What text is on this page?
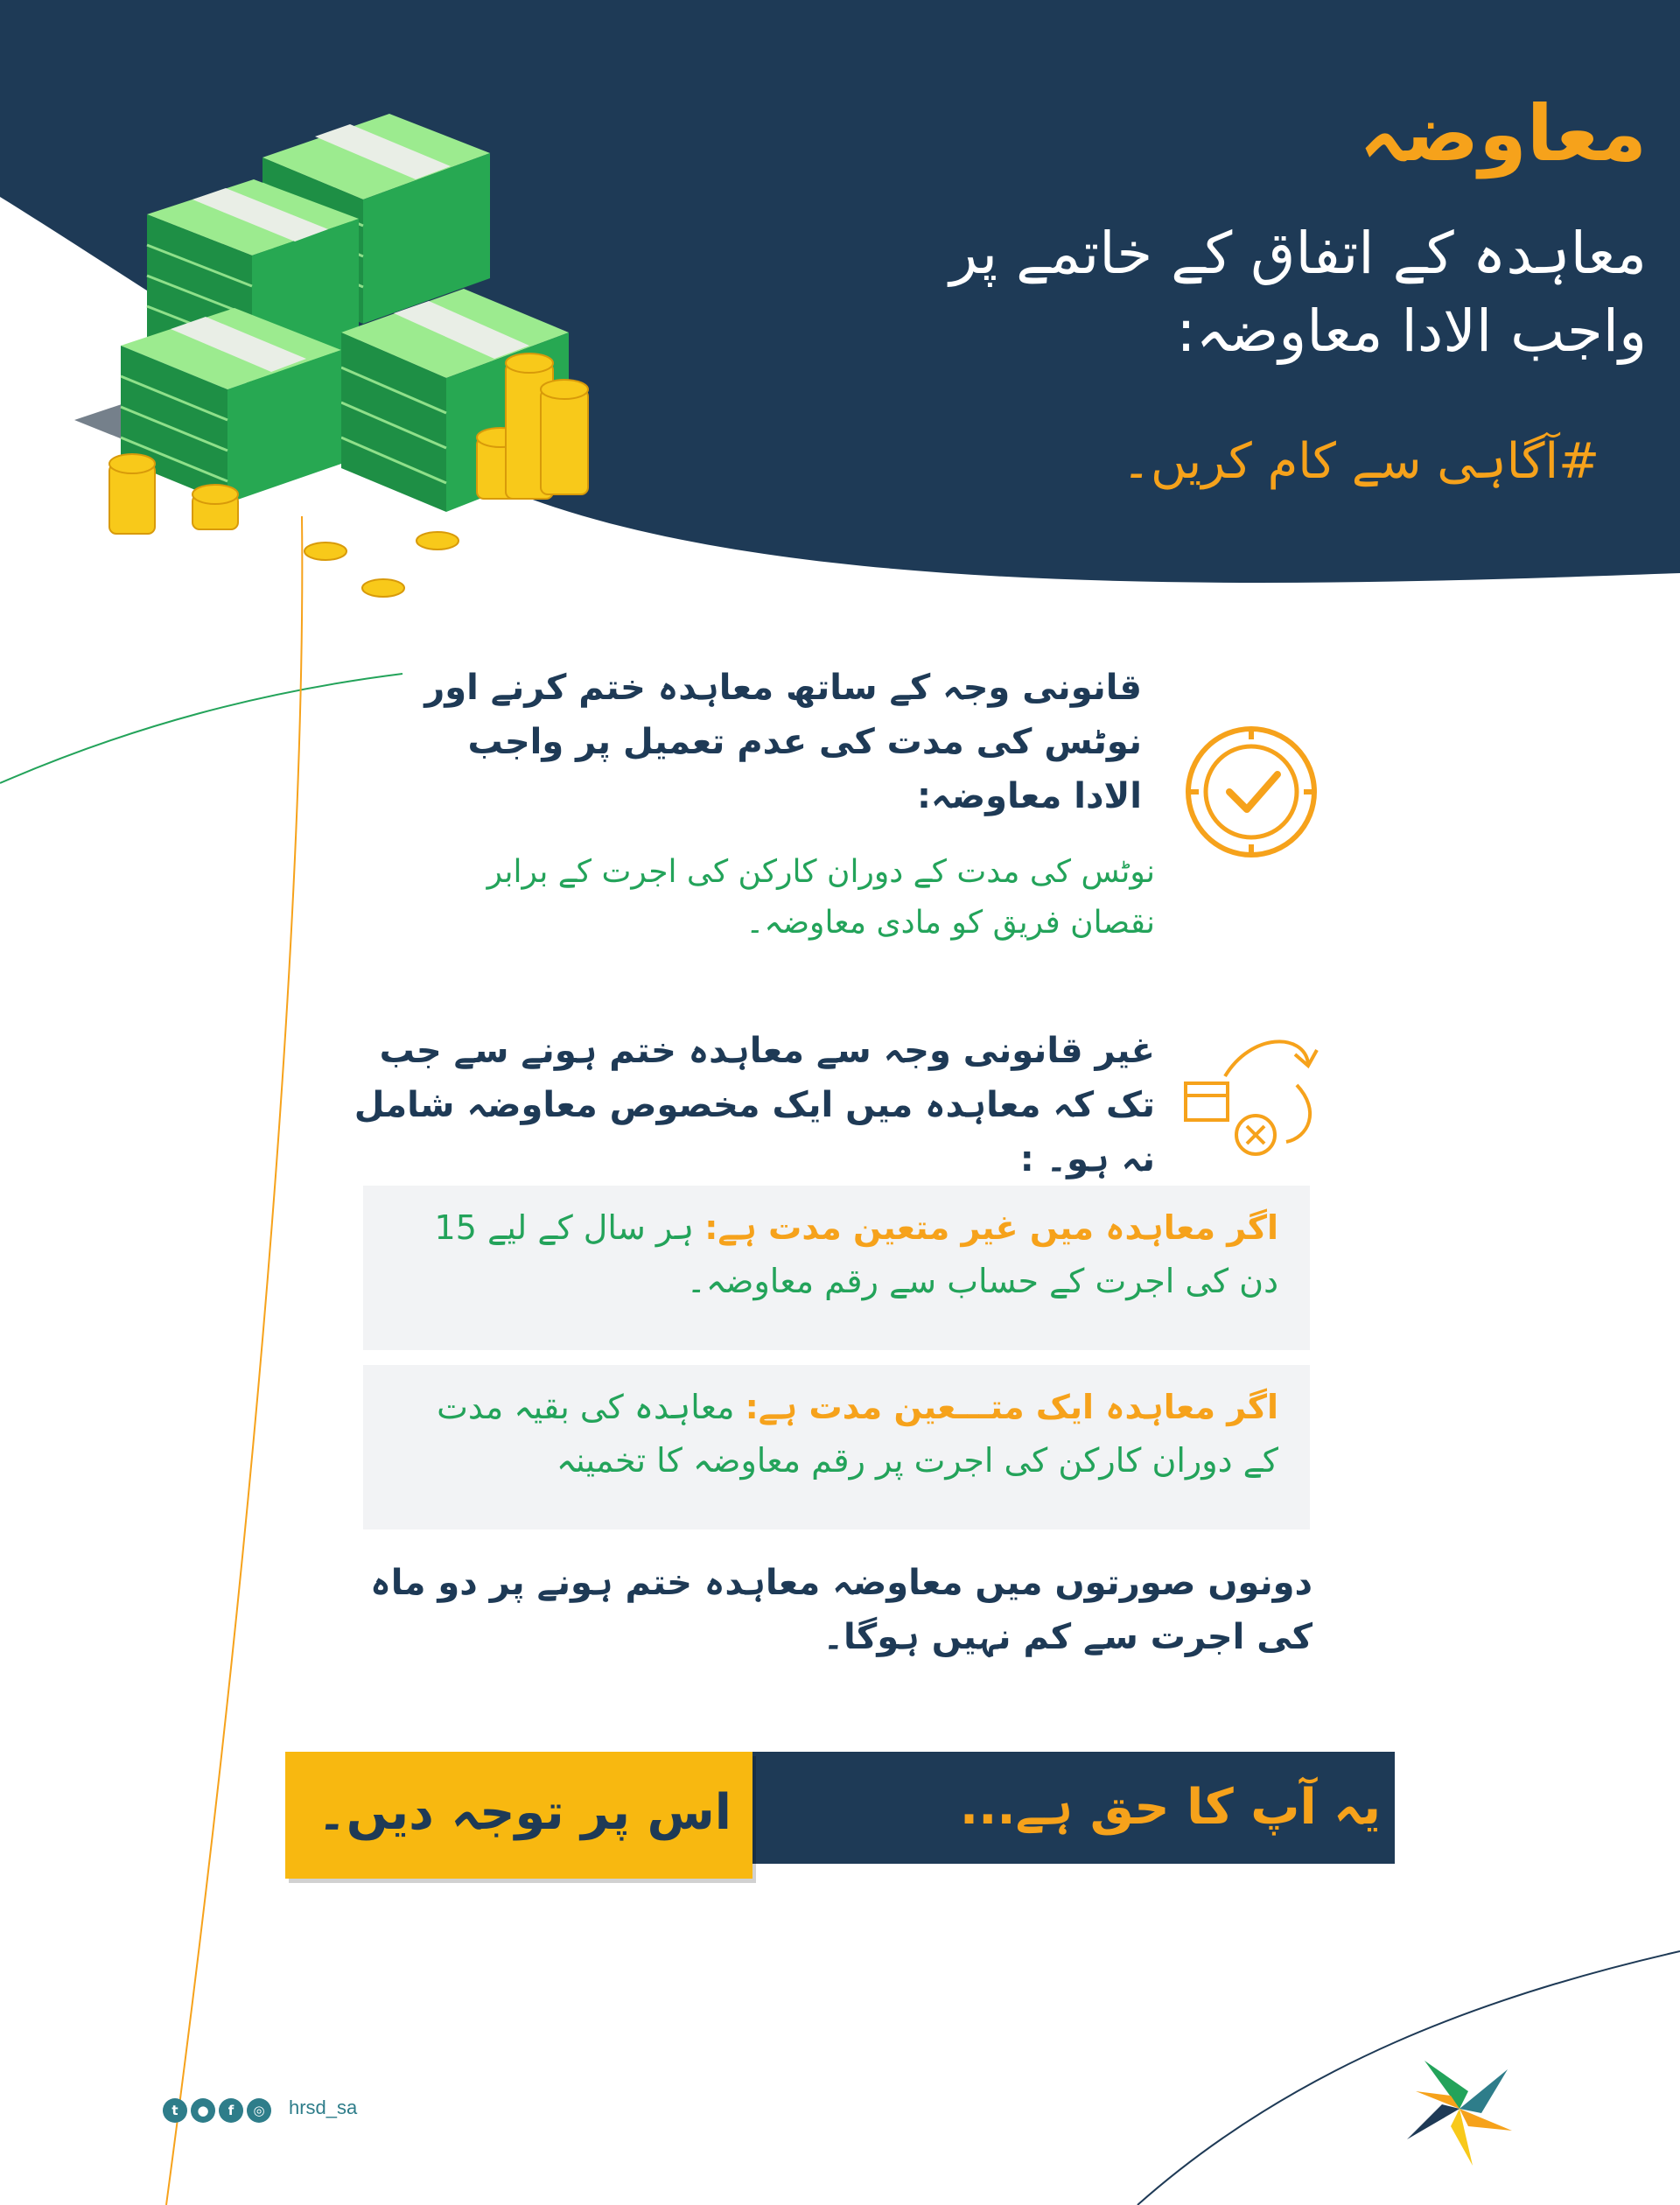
معاوضہ
معاہدہ کے اتفاق کے خاتمے پر
واجب الادا معاوضہ:
#آگاہی سے کام کریں۔
قانونی وجہ کے ساتھ معاہدہ ختم کرنے اور نوٹس کی مدت کی عدم تعمیل پر واجب الادا معاوضہ:
نوٹس کی مدت کے دوران کارکن کی اجرت کے برابر نقصان فریق کو مادی معاوضہ۔
غیر قانونی وجہ سے معاہدہ ختم ہونے سے جب تک کہ معاہدہ میں ایک مخصوص معاوضہ شامل نہ ہو۔ :
اگر معاہدہ میں غیر متعین مدت ہے: ہر سال کے لیے 15 دن کی اجرت کے حساب سے رقم معاوضہ۔
اگر معاہدہ ایک متـــعین مدت ہے: معاہدہ کی بقیہ مدت کے دوران کارکن کی اجرت پر رقم معاوضہ کا تخمینہ
دونوں صورتوں میں معاوضہ معاہدہ ختم ہونے پر دو ماہ کی اجرت سے کم نہیں ہوگا۔
یہ آپ کا حق ہے...
اس پر توجہ دیں۔
t	●	f	◎	hrsd_sa
